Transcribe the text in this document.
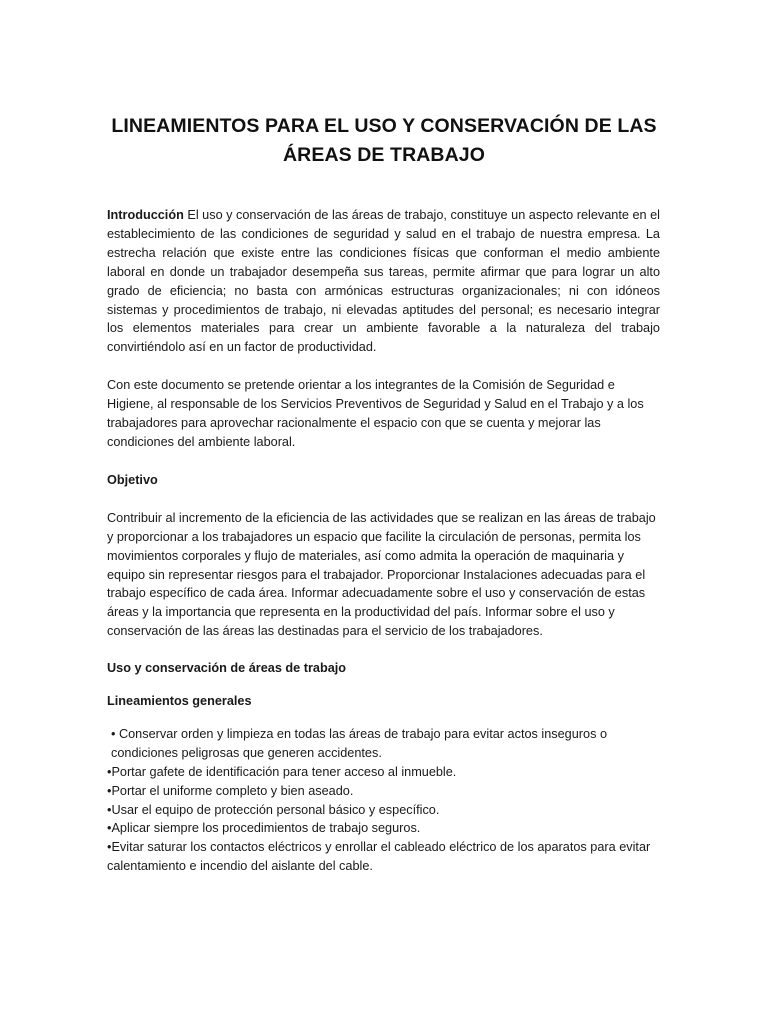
LINEAMIENTOS PARA EL USO Y CONSERVACIÓN DE LAS
ÁREAS DE TRABAJO

Introducción El uso y conservación de las áreas de trabajo, constituye un aspecto relevante en el establecimiento de las condiciones de seguridad y salud en el trabajo de nuestra empresa. La estrecha relación que existe entre las condiciones físicas que conforman el medio ambiente laboral en donde un trabajador desempeña sus tareas, permite afirmar que para lograr un alto grado de eficiencia; no basta con armónicas estructuras organizacionales; ni con idóneos sistemas y procedimientos de trabajo, ni elevadas aptitudes del personal; es necesario integrar los elementos materiales para crear un ambiente favorable a la naturaleza del trabajo convirtiéndolo así en un factor de productividad.

Con este documento se pretende orientar a los integrantes de la Comisión de Seguridad e Higiene, al responsable de los Servicios Preventivos de Seguridad y Salud en el Trabajo y a los trabajadores para aprovechar racionalmente el espacio con que se cuenta y mejorar las condiciones del ambiente laboral.

Objetivo

Contribuir al incremento de la eficiencia de las actividades que se realizan en las áreas de trabajo y proporcionar a los trabajadores un espacio que facilite la circulación de personas, permita los movimientos corporales y flujo de materiales, así como admita la operación de maquinaria y equipo sin representar riesgos para el trabajador. Proporcionar Instalaciones adecuadas para el trabajo específico de cada área. Informar adecuadamente sobre el uso y conservación de estas áreas y la importancia que representa en la productividad del país. Informar sobre el uso y conservación de las áreas las destinadas para el servicio de los trabajadores.

Uso y conservación de áreas de trabajo

Lineamientos generales

• Conservar orden y limpieza en todas las áreas de trabajo para evitar actos inseguros o condiciones peligrosas que generen accidentes.

•Portar gafete de identificación para tener acceso al inmueble.

•Portar el uniforme completo y bien aseado.

•Usar el equipo de protección personal básico y específico.

•Aplicar siempre los procedimientos de trabajo seguros.

•Evitar saturar los contactos eléctricos y enrollar el cableado eléctrico de los aparatos para evitar calentamiento e incendio del aislante del cable.
